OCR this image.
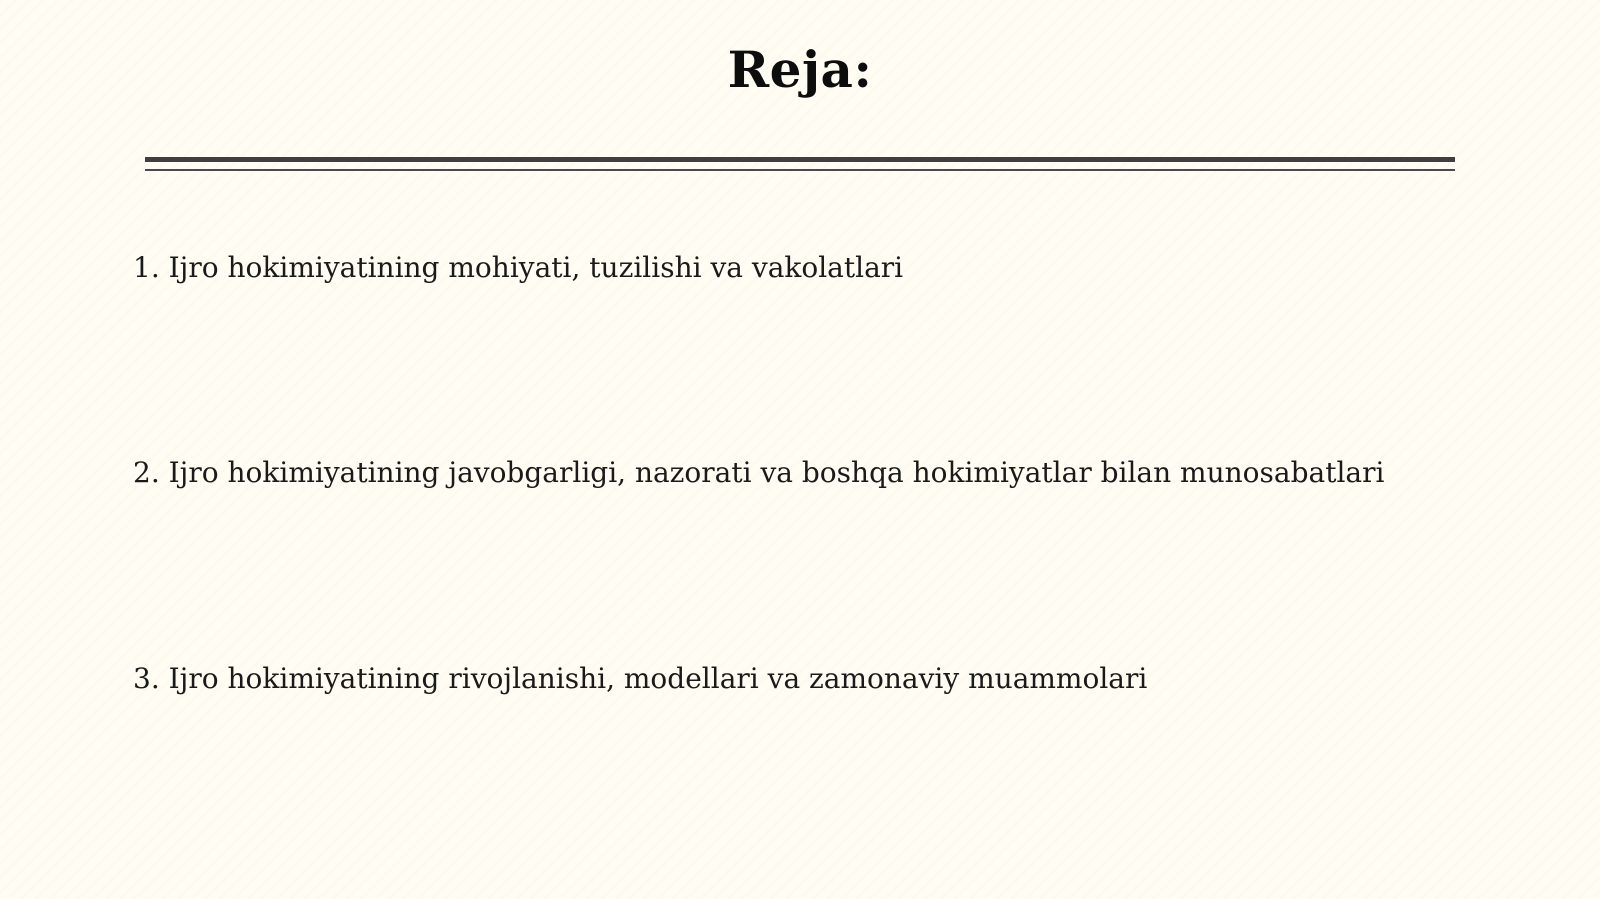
Reja:
1. Ijro hokimiyatining mohiyati, tuzilishi va vakolatlari
2. Ijro hokimiyatining javobgarligi, nazorati va boshqa hokimiyatlar bilan munosabatlari
3. Ijro hokimiyatining rivojlanishi, modellari va zamonaviy muammolari
